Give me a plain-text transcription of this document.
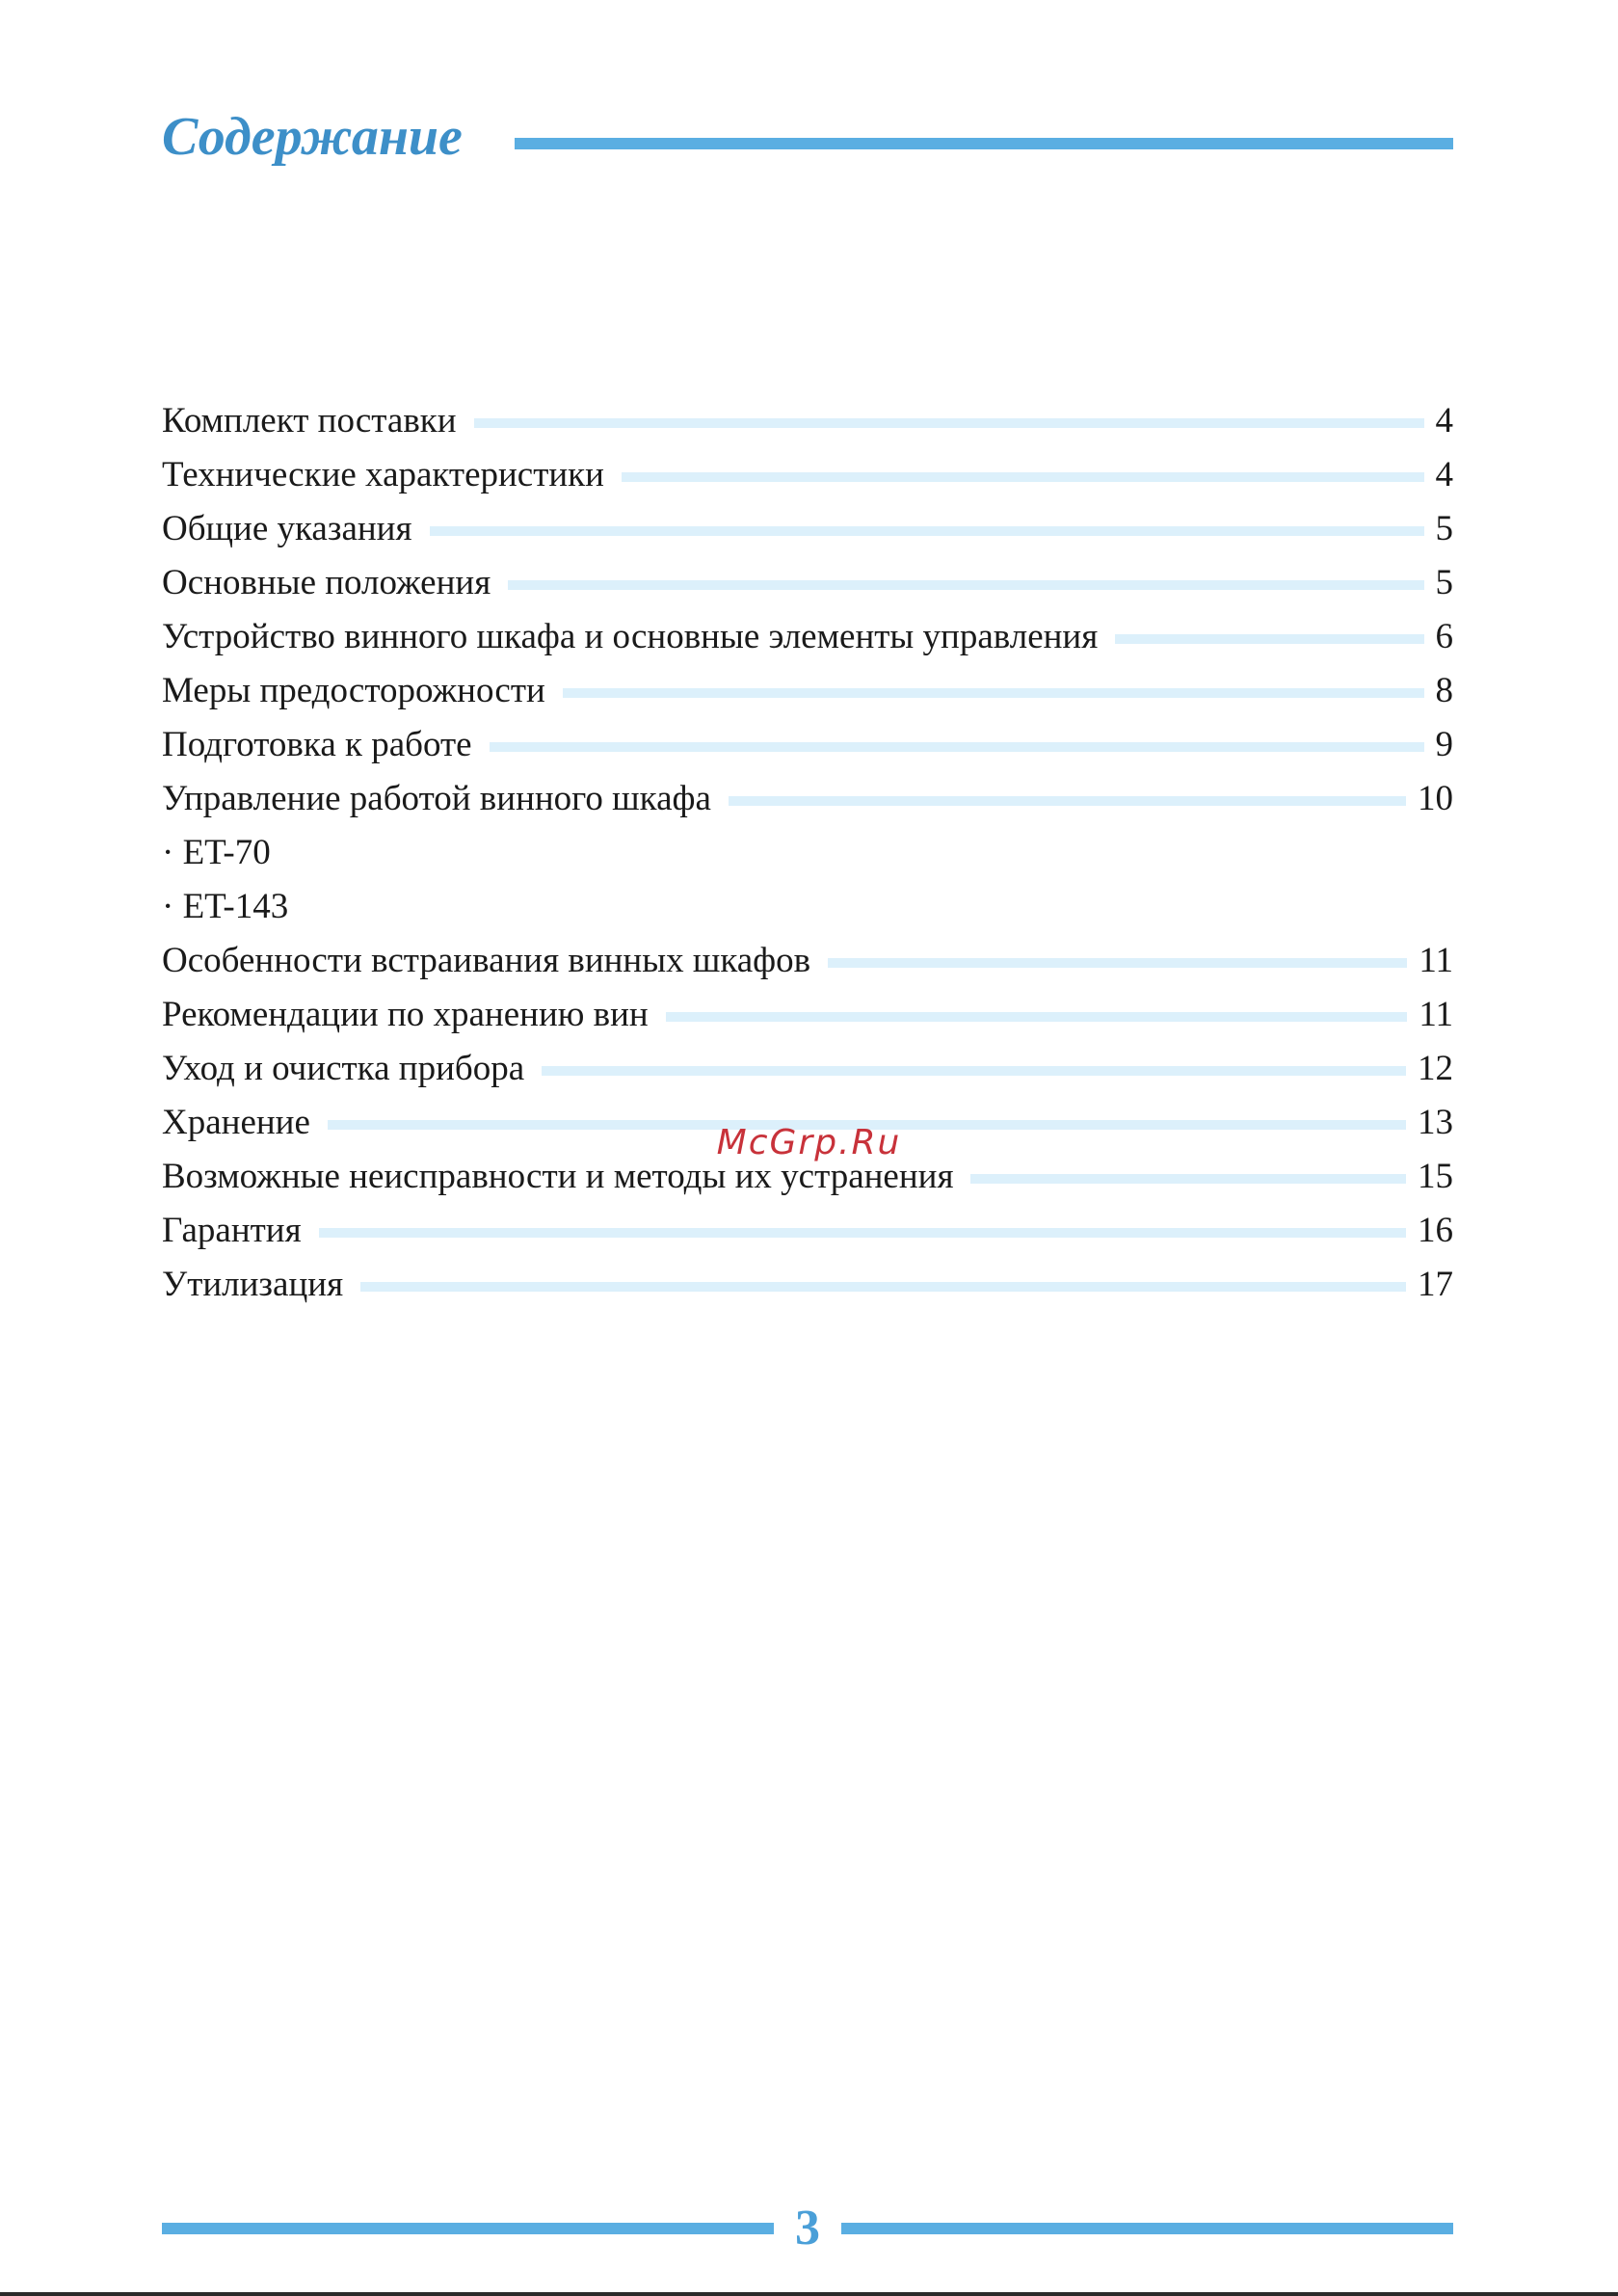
Содержание
Комплект поставки	4
Технические характеристики	4
Общие указания	5
Основные положения	5
Устройство винного шкафа и основные элементы управления	6
Меры предосторожности	8
Подготовка к работе	9
Управление работой винного шкафа	10
· ET-70
· ET-143
Особенности встраивания винных шкафов	11
Рекомендации по хранению вин	11
Уход и очистка прибора	12
Хранение	13
Возможные неисправности и методы их устранения	15
Гарантия	16
Утилизация	17
McGrp.Ru
3
